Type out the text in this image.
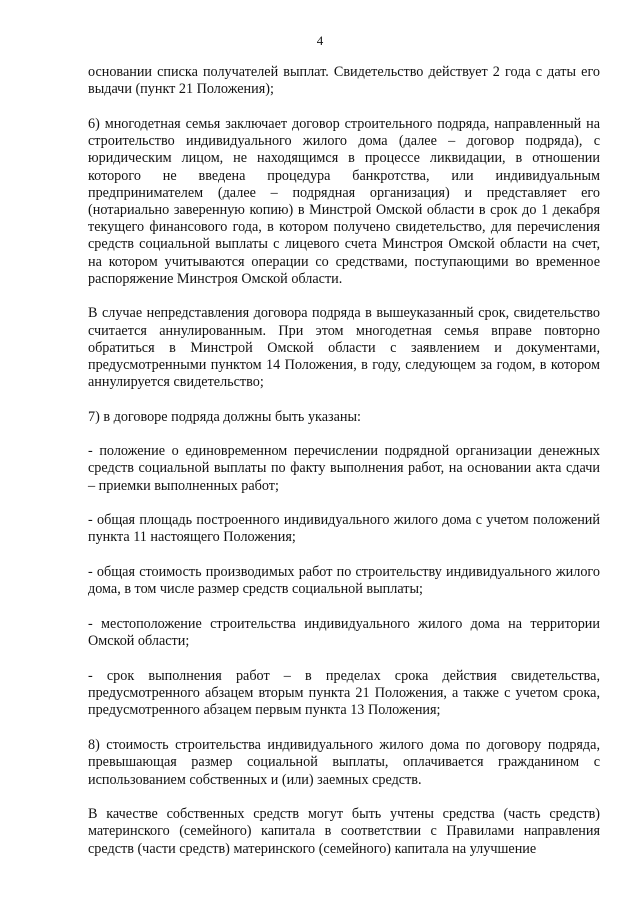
4

основании списка получателей выплат. Свидетельство действует 2 года с даты его выдачи (пункт 21 Положения);

6) многодетная семья заключает договор строительного подряда, направленный на строительство индивидуального жилого дома (далее – договор подряда), с юридическим лицом, не находящимся в процессе ликвидации, в отношении которого не введена процедура банкротства, или индивидуальным предпринимателем (далее – подрядная организация) и представляет его (нотариально заверенную копию) в Минстрой Омской области в срок до 1 декабря текущего финансового года, в котором получено свидетельство, для перечисления средств социальной выплаты с лицевого счета Минстроя Омской области на счет, на котором учитываются операции со средствами, поступающими во временное распоряжение Минстроя Омской области.

В случае непредставления договора подряда в вышеуказанный срок, свидетельство считается аннулированным. При этом многодетная семья вправе повторно обратиться в Минстрой Омской области с заявлением и документами, предусмотренными пунктом 14 Положения, в году, следующем за годом, в котором аннулируется свидетельство;

7) в договоре подряда должны быть указаны:

- положение о единовременном перечислении подрядной организации денежных средств социальной выплаты по факту выполнения работ, на основании акта сдачи – приемки выполненных работ;

- общая площадь построенного индивидуального жилого дома с учетом положений пункта 11 настоящего Положения;

- общая стоимость производимых работ по строительству индивидуального жилого дома, в том числе размер средств социальной выплаты;

- местоположение строительства индивидуального жилого дома на территории Омской области;

- срок выполнения работ – в пределах срока действия свидетельства, предусмотренного абзацем вторым пункта 21 Положения, а также с учетом срока, предусмотренного абзацем первым пункта 13 Положения;

8) стоимость строительства индивидуального жилого дома по договору подряда, превышающая размер социальной выплаты, оплачивается гражданином с использованием собственных и (или) заемных средств.

В качестве собственных средств могут быть учтены средства (часть средств) материнского (семейного) капитала в соответствии с Правилами направления средств (части средств) материнского (семейного) капитала на улучшение
